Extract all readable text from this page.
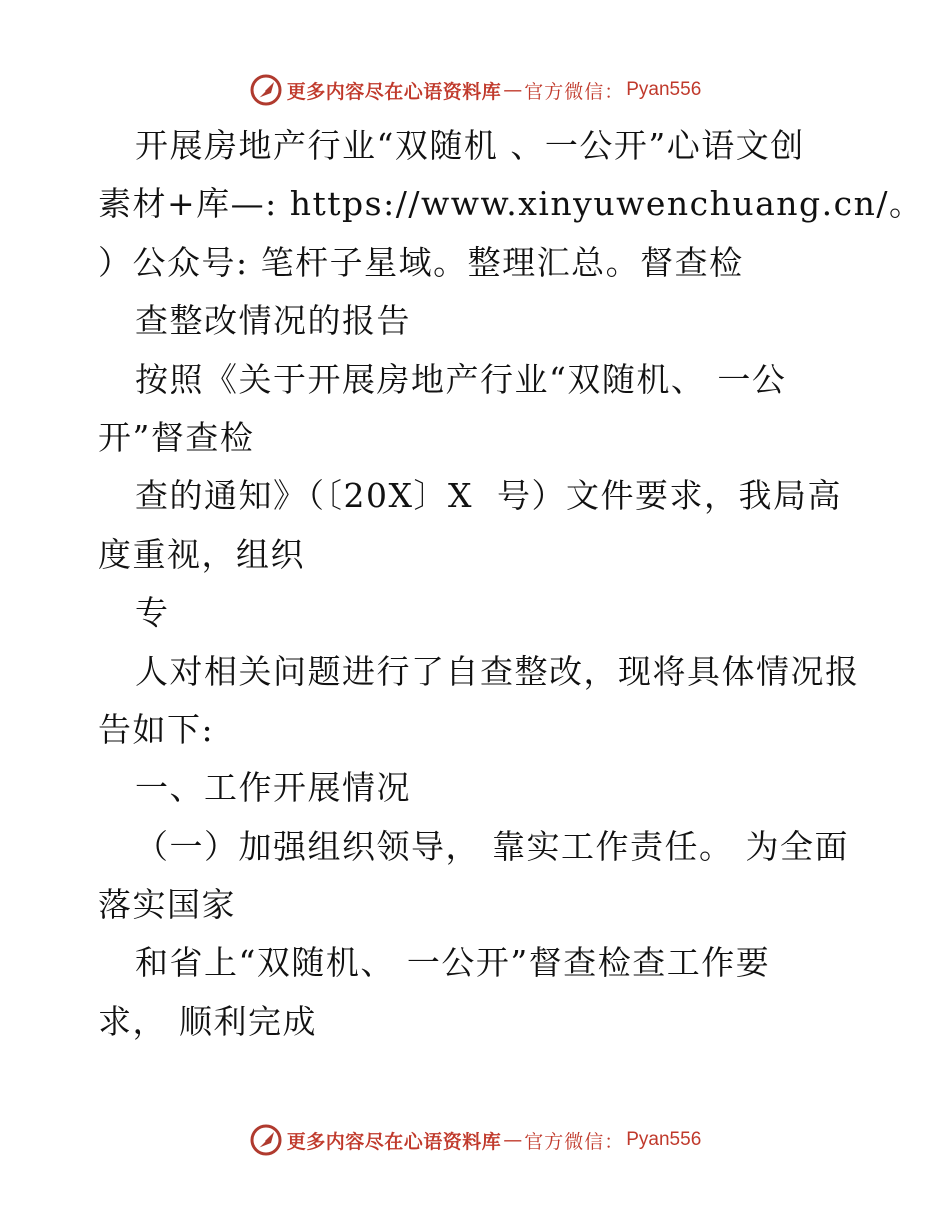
更多内容尽在心语资料库 — 官方微信： Pyan556
开展房地产行业“双随机 、一公开”心语文创
素材+库—: https://www.xinyuwenchuang.cn/。
）公众号: 笔杆子星域。整理汇总。督查检
查整改情况的报告
按照《关于开展房地产行业“双随机、 一公
开”督查检
查的通知》（〔20X〕X  号）文件要求，我局高
度重视，组织
专
人对相关问题进行了自查整改，现将具体情况报
告如下:
一、工作开展情况
（一）加强组织领导， 靠实工作责任。 为全面
落实国家
和省上“双随机、 一公开”督查检查工作要
求， 顺利完成
更多内容尽在心语资料库 — 官方微信： Pyan556
